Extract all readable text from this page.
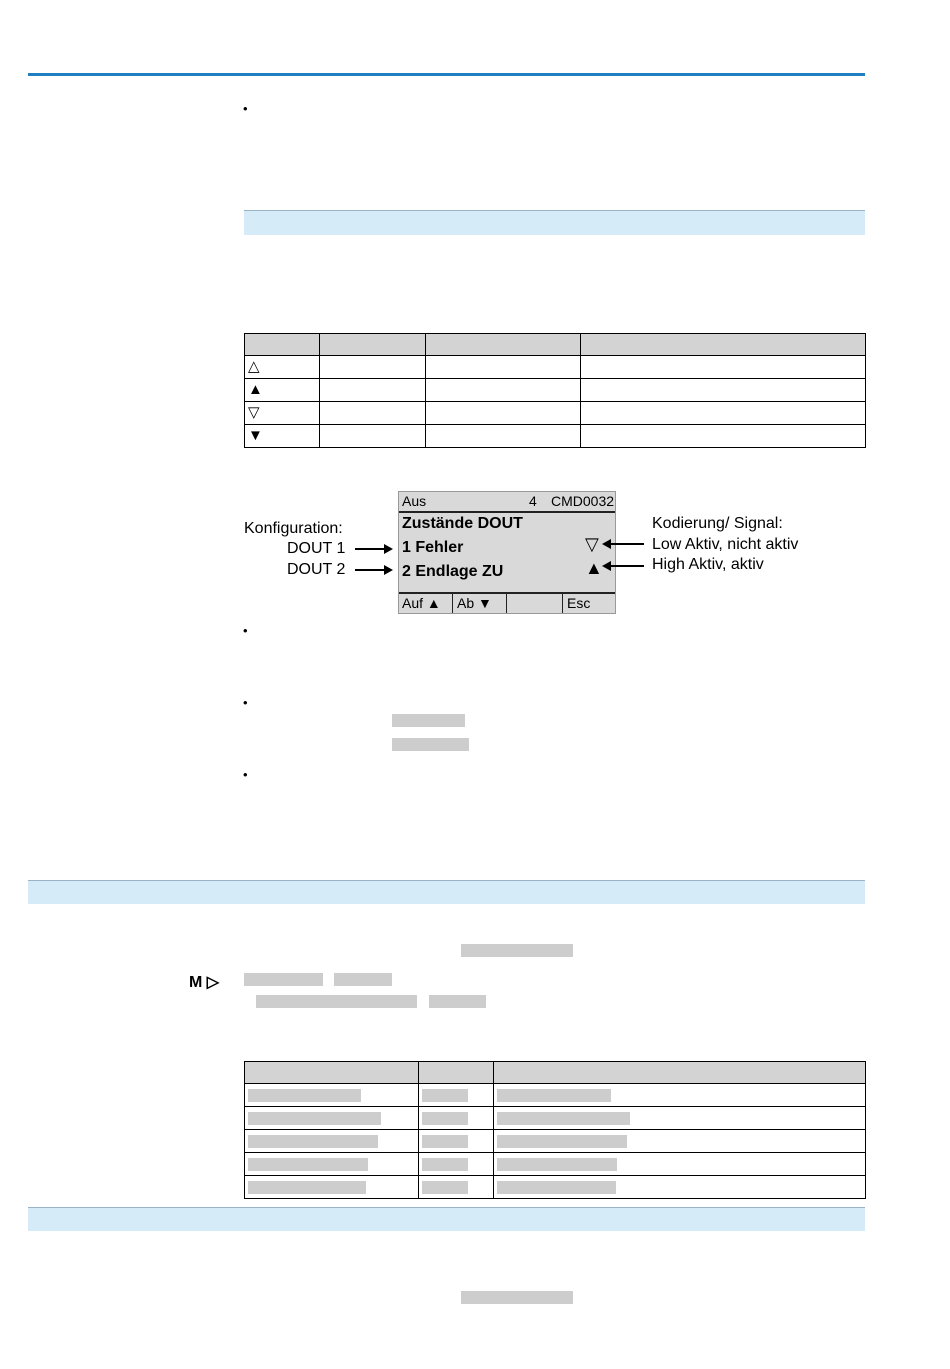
•

△			
▲			
▽			
▼			
Aus	4 CMD0032
Zustände DOUT
1 Fehler
2 Endlage ZU
▽
▲
Auf ▲ Ab ▼	Esc
Konfiguration:
DOUT 1
DOUT 2
Kodierung/ Signal:
Low Aktiv, nicht aktiv
High Aktiv, aktiv
•
•
•
M ▷
